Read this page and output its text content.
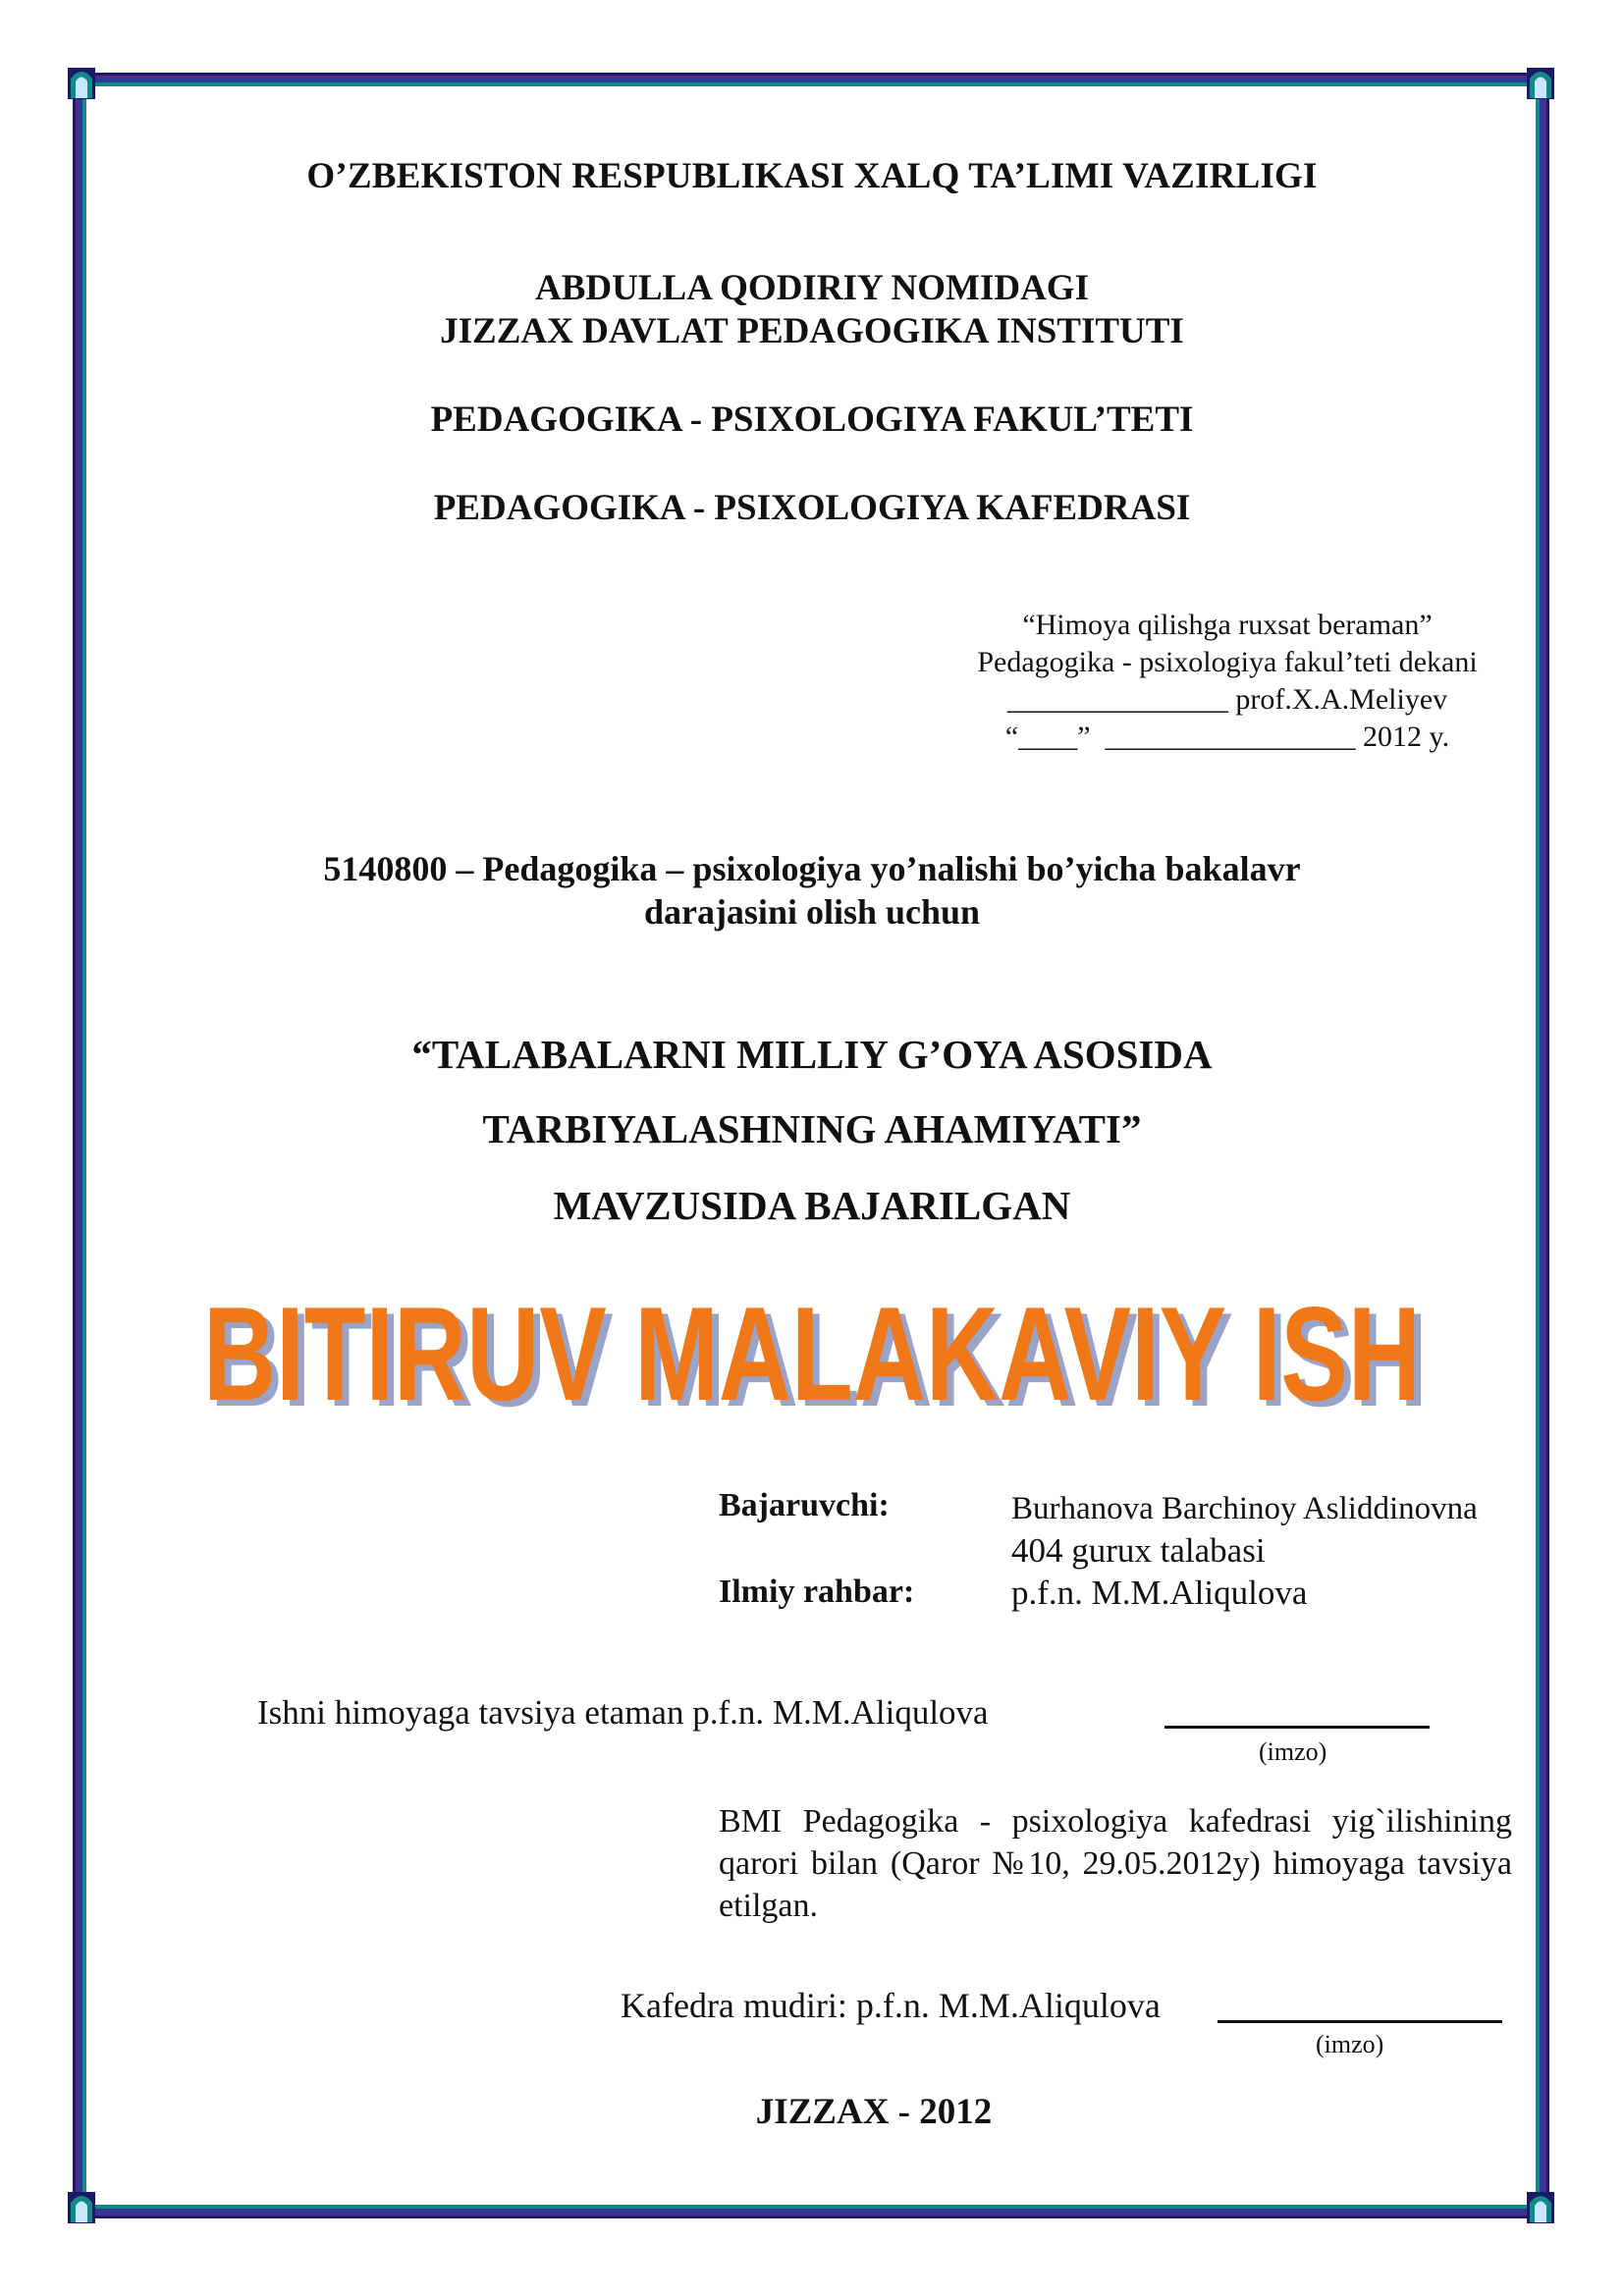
O’ZBEKISTON RESPUBLIKASI XALQ TA’LIMI VAZIRLIGI
ABDULLA QODIRIY NOMIDAGI
JIZZAX DAVLAT PEDAGOGIKA INSTITUTI
PEDAGOGIKA - PSIXOLOGIYA FAKUL’TETI
PEDAGOGIKA - PSIXOLOGIYA KAFEDRASI
“Himoya qilishga ruxsat beraman”
Pedagogika - psixologiya fakul’teti dekani
_______________ prof.X.A.Meliyev
“____”  _________________ 2012 y.
5140800 – Pedagogika – psixologiya yo’nalishi bo’yicha bakalavr
darajasini olish uchun
“TALABALARNI MILLIY G’OYA ASOSIDA
TARBIYALASHNING AHAMIYATI”
MAVZUSIDA BAJARILGAN
BITIRUV MALAKAVIY ISH
BITIRUV MALAKAVIY ISH
Bajaruvchi:	Burhanova Barchinoy Asliddinovna
404 gurux talabasi
Ilmiy rahbar:	p.f.n. M.M.Aliqulova
Ishni himoyaga tavsiya etaman p.f.n. M.M.Aliqulova
(imzo)
BMI Pedagogika - psixologiya kafedrasi yig`ilishining qarori bilan (Qaror №10, 29.05.2012y) himoyaga tavsiya etilgan.
Kafedra mudiri: p.f.n. M.M.Aliqulova
(imzo)
JIZZAX - 2012
